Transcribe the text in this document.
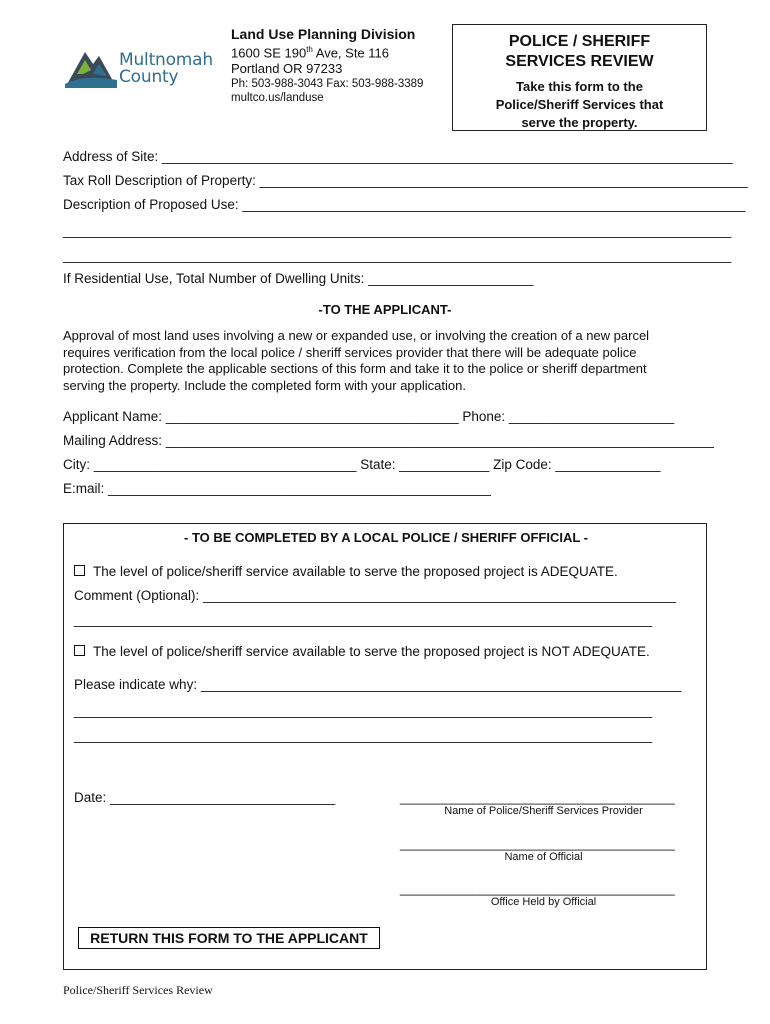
Multnomah
County
Land Use Planning Division
1600 SE 190th Ave, Ste 116
Portland OR 97233
Ph: 503-988-3043 Fax: 503-988-3389
multco.us/landuse
POLICE / SHERIFF
SERVICES REVIEW
Take this form to the
Police/Sheriff Services that
serve the property.
Address of Site: ____________________________________________________________________________
Tax Roll Description of Property: _________________________________________________________________
Description of Proposed Use: ___________________________________________________________________
_________________________________________________________________________________________
_________________________________________________________________________________________
If Residential Use, Total Number of Dwelling Units: ______________________
-TO THE APPLICANT-
Approval of most land uses involving a new or expanded use, or involving the creation of a new parcel
requires verification from the local police / sheriff services provider that there will be adequate police
protection. Complete the applicable sections of this form and take it to the police or sheriff department
serving the property. Include the completed form with your application.
Applicant Name: _______________________________________ Phone: ______________________
Mailing Address: _________________________________________________________________________
City: ___________________________________ State: ____________ Zip Code: ______________
E:mail: ___________________________________________________
- TO BE COMPLETED BY A LOCAL POLICE / SHERIFF OFFICIAL -
The level of police/sheriff service available to serve the proposed project is ADEQUATE.
Comment (Optional): _______________________________________________________________
_____________________________________________________________________________
The level of police/sheriff service available to serve the proposed project is NOT ADEQUATE.
Please indicate why: ________________________________________________________________
_____________________________________________________________________________
_____________________________________________________________________________
Date: ______________________________	______________________________________
Name of Police/Sheriff Services Provider
______________________________________
Name of Official
______________________________________
Office Held by Official
RETURN THIS FORM TO THE APPLICANT
Police/Sheriff Services Review
